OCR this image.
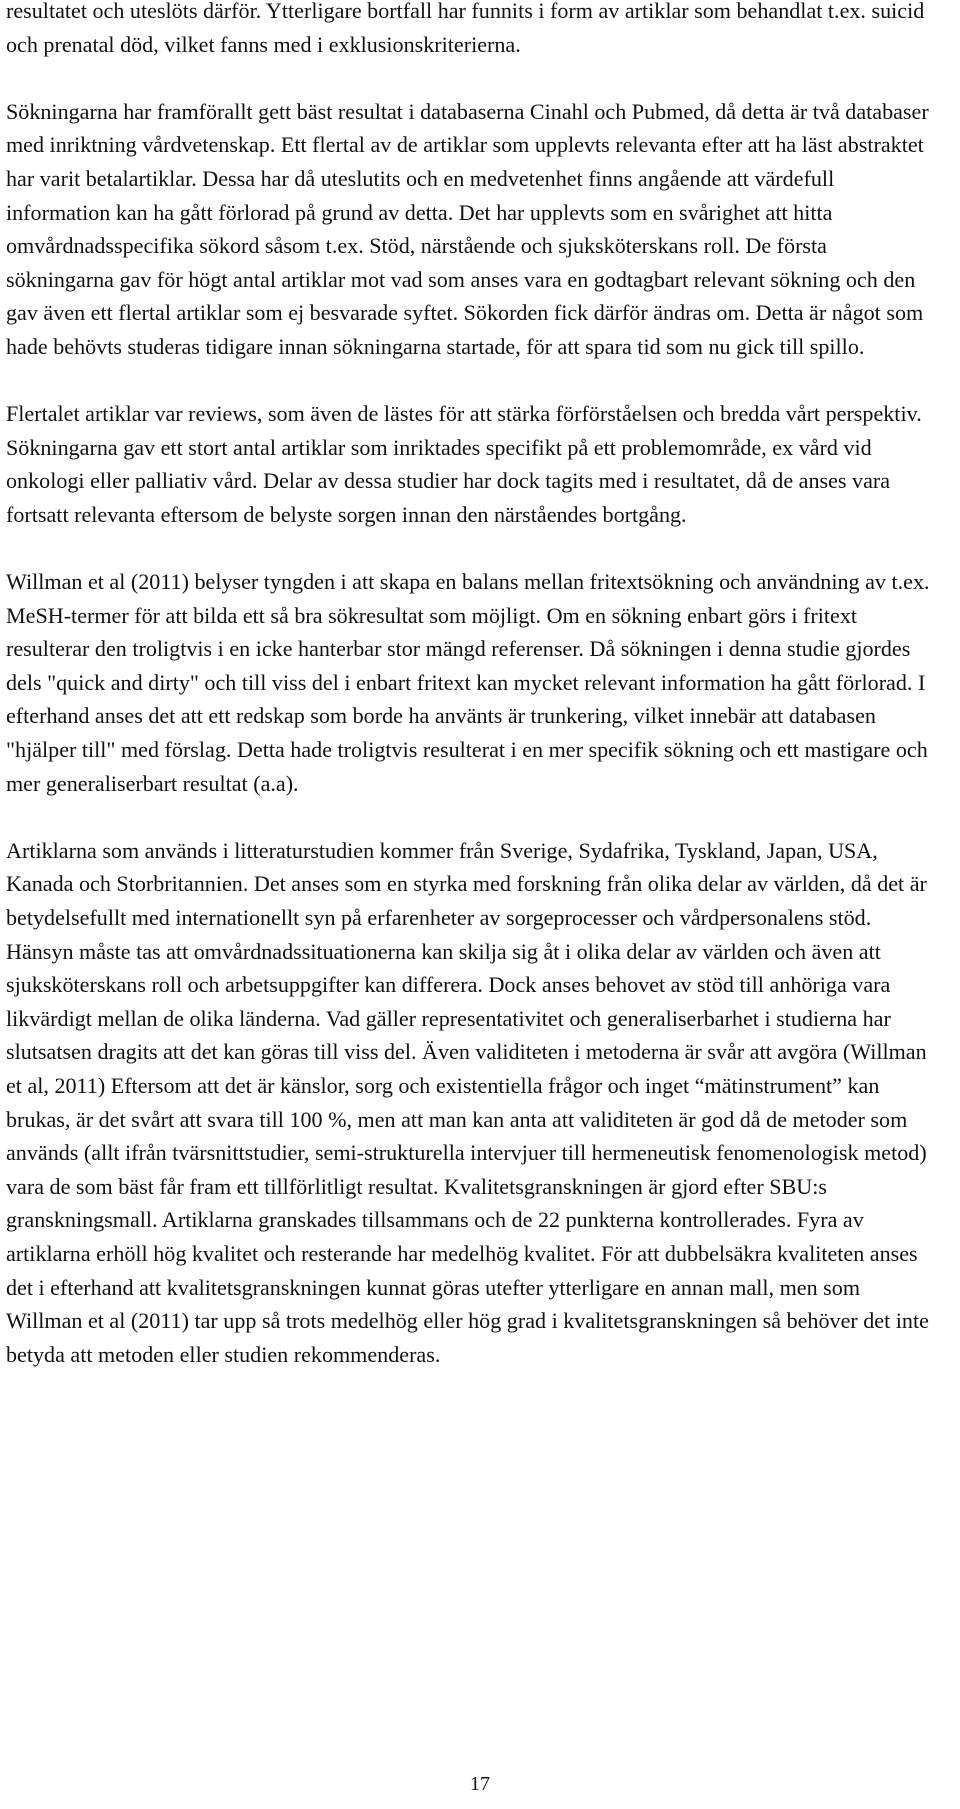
resultatet och uteslöts därför. Ytterligare bortfall har funnits i form av artiklar som behandlat t.ex. suicid och prenatal död, vilket fanns med i exklusionskriterierna.

Sökningarna har framförallt gett bäst resultat i databaserna Cinahl och Pubmed, då detta är två databaser med inriktning vårdvetenskap. Ett flertal av de artiklar som upplevts relevanta efter att ha läst abstraktet har varit betalartiklar. Dessa har då uteslutits och en medvetenhet finns angående att värdefull information kan ha gått förlorad på grund av detta. Det har upplevts som en svårighet att hitta omvårdnadsspecifika sökord såsom t.ex. Stöd, närstående och sjuksköterskans roll. De första sökningarna gav för högt antal artiklar mot vad som anses vara en godtagbart relevant sökning och den gav även ett flertal artiklar som ej besvarade syftet. Sökorden fick därför ändras om. Detta är något som hade behövts studeras tidigare innan sökningarna startade, för att spara tid som nu gick till spillo.

Flertalet artiklar var reviews, som även de lästes för att stärka förförståelsen och bredda vårt perspektiv. Sökningarna gav ett stort antal artiklar som inriktades specifikt på ett problemområde, ex vård vid onkologi eller palliativ vård. Delar av dessa studier har dock tagits med i resultatet, då de anses vara fortsatt relevanta eftersom de belyste sorgen innan den närståendes bortgång.

Willman et al (2011) belyser tyngden i att skapa en balans mellan fritextsökning och användning av t.ex. MeSH-termer för att bilda ett så bra sökresultat som möjligt. Om en sökning enbart görs i fritext resulterar den troligtvis i en icke hanterbar stor mängd referenser. Då sökningen i denna studie gjordes dels "quick and dirty" och till viss del i enbart fritext kan mycket relevant information ha gått förlorad. I efterhand anses det att ett redskap som borde ha använts är trunkering, vilket innebär att databasen "hjälper till" med förslag. Detta hade troligtvis resulterat i en mer specifik sökning och ett mastigare och mer generaliserbart resultat (a.a).

Artiklarna som används i litteraturstudien kommer från Sverige, Sydafrika, Tyskland, Japan, USA, Kanada och Storbritannien. Det anses som en styrka med forskning från olika delar av världen, då det är betydelsefullt med internationellt syn på erfarenheter av sorgeprocesser och vårdpersonalens stöd. Hänsyn måste tas att omvårdnadssituationerna kan skilja sig åt i olika delar av världen och även att sjuksköterskans roll och arbetsuppgifter kan differera. Dock anses behovet av stöd till anhöriga vara likvärdigt mellan de olika länderna. Vad gäller representativitet och generaliserbarhet i studierna har slutsatsen dragits att det kan göras till viss del. Även validiteten i metoderna är svår att avgöra (Willman et al, 2011) Eftersom att det är känslor, sorg och existentiella frågor och inget “mätinstrument” kan brukas, är det svårt att svara till 100 %, men att man kan anta att validiteten är god då de metoder som används (allt ifrån tvärsnittstudier, semi-strukturella intervjuer till hermeneutisk fenomenologisk metod) vara de som bäst får fram ett tillförlitligt resultat. Kvalitetsgranskningen är gjord efter SBU:s granskningsmall. Artiklarna granskades tillsammans och de 22 punkterna kontrollerades. Fyra av artiklarna erhöll hög kvalitet och resterande har medelhög kvalitet. För att dubbelsäkra kvaliteten anses det i efterhand att kvalitetsgranskningen kunnat göras utefter ytterligare en annan mall, men som Willman et al (2011) tar upp så trots medelhög eller hög grad i kvalitetsgranskningen så behöver det inte betyda att metoden eller studien rekommenderas.

17
